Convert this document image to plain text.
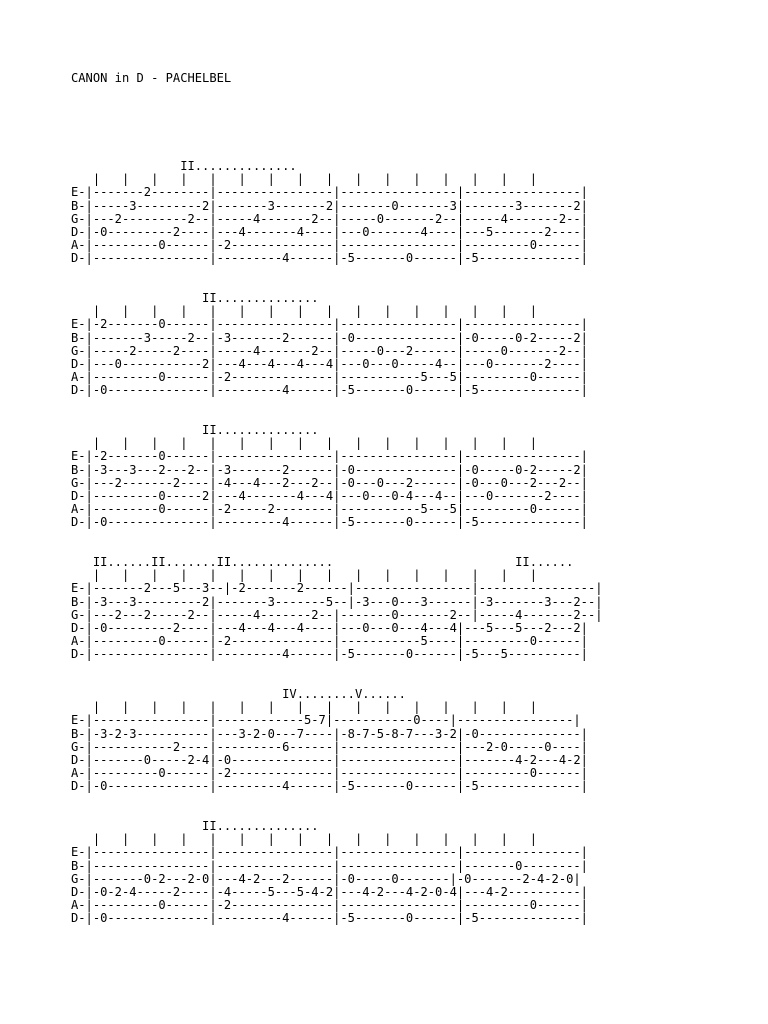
CANON in D - PACHELBEL
II..............
|   |   |   |   |   |   |   |   |   |   |   |   |   |   |   |
E-|-------2--------|----------------|----------------|----------------|
B-|-----3---------2|-------3-------2|-------0-------3|-------3-------2|
G-|---2---------2--|-----4-------2--|-----0-------2--|-----4-------2--|
D-|-0---------2----|---4-------4----|---0-------4----|---5-------2----|
A-|---------0------|-2--------------|----------------|---------0------|
D-|----------------|---------4------|-5-------0------|-5--------------|
II..............
|   |   |   |   |   |   |   |   |   |   |   |   |   |   |   |
E-|-2-------0------|----------------|----------------|----------------|
B-|-------3-----2--|-3-------2------|-0--------------|-0-----0-2-----2|
G-|-----2-----2----|-----4-------2--|-----0---2------|-----0-------2--|
D-|---0-----------2|---4---4---4---4|---0---0-----4--|---0-------2----|
A-|---------0------|-2--------------|-----------5---5|---------0------|
D-|-0--------------|---------4------|-5-------0------|-5--------------|
II..............
|   |   |   |   |   |   |   |   |   |   |   |   |   |   |   |
E-|-2-------0------|----------------|----------------|----------------|
B-|-3---3---2---2--|-3-------2------|-0--------------|-0-----0-2-----2|
G-|---2-------2----|-4---4---2---2--|-0---0---2------|-0---0---2---2--|
D-|---------0-----2|---4-------4---4|---0---0-4---4--|---0-------2----|
A-|---------0------|-2-----2--------|-----------5---5|---------0------|
D-|-0--------------|---------4------|-5-------0------|-5--------------|
II......II.......II..............                         II......
|   |   |   |   |   |   |   |   |   |   |   |   |   |   |   |
E-|-------2---5---3--|-2-------2------|----------------|----------------|
B-|-3---3---------2|-------3-------5--|-3---0---3------|-3-------3---2--|
G-|---2---2-----2--|-----4-------2--|-------0-------2--|-----4-------2--|
D-|-0---------2----|---4---4---4----|---0---0---4---4|---5---5---2---2|
A-|---------0------|-2--------------|-----------5----|---------0------|
D-|----------------|---------4------|-5-------0------|-5---5----------|
IV........V......
|   |   |   |   |   |   |   |   |   |   |   |   |   |   |   |
E-|----------------|------------5-7|-----------0----|----------------|
B-|-3-2-3----------|---3-2-0---7----|-8-7-5-8-7---3-2|-0--------------|
G-|-----------2----|---------6------|----------------|---2-0-----0----|
D-|-------0-----2-4|-0--------------|----------------|-------4-2---4-2|
A-|---------0------|-2--------------|----------------|---------0------|
D-|-0--------------|---------4------|-5-------0------|-5--------------|
II..............
|   |   |   |   |   |   |   |   |   |   |   |   |   |   |   |
E-|----------------|----------------|----------------|----------------|
B-|----------------|----------------|----------------|-------0--------|
G-|-------0-2---2-0|---4-2---2------|-0-----0-------|-0-------2-4-2-0|
D-|-0-2-4-----2----|-4-----5---5-4-2|---4-2---4-2-0-4|---4-2----------|
A-|---------0------|-2--------------|----------------|---------0------|
D-|-0--------------|---------4------|-5-------0------|-5--------------|
